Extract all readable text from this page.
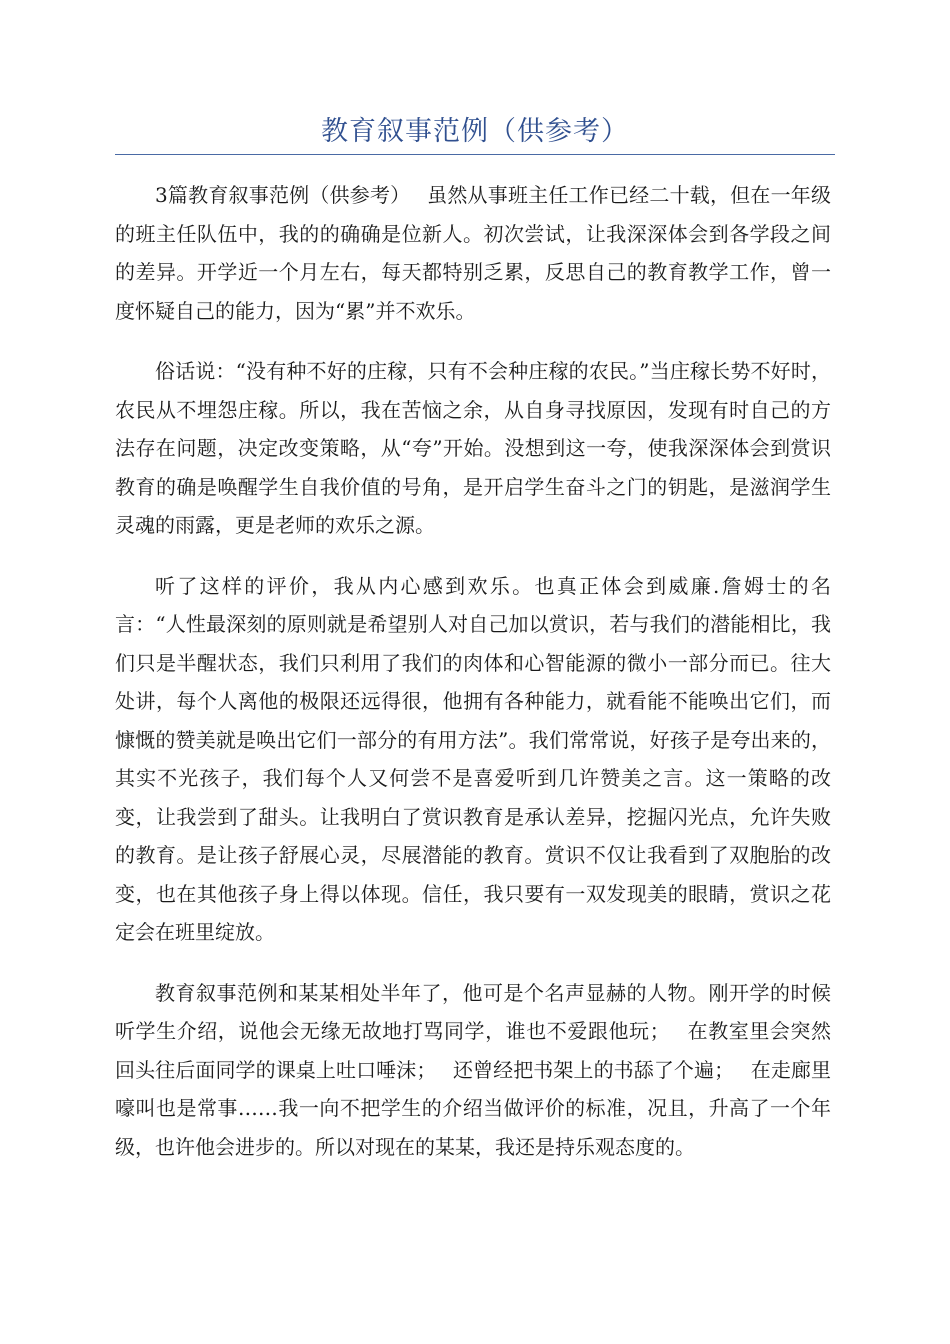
教育叙事范例（供参考）

3篇教育叙事范例（供参考）　 虽然从事班主任工作已经二十载，但在一年级的班主任队伍中，我的的确确是位新人。初次尝试，让我深深体会到各学段之间的差异。开学近一个月左右，每天都特别乏累，反思自己的教育教学工作，曾一度怀疑自己的能力，因为“累”并不欢乐。

俗话说：“没有种不好的庄稼，只有不会种庄稼的农民。”当庄稼长势不好时，农民从不埋怨庄稼。所以，我在苦恼之余，从自身寻找原因，发现有时自己的方法存在问题，决定改变策略，从“夸”开始。没想到这一夸，使我深深体会到赏识教育的确是唤醒学生自我价值的号角，是开启学生奋斗之门的钥匙，是滋润学生灵魂的雨露，更是老师的欢乐之源。

听了这样的评价，我从内心感到欢乐。也真正体会到威廉.詹姆士的名言：“人性最深刻的原则就是希望别人对自己加以赏识，若与我们的潜能相比，我们只是半醒状态，我们只利用了我们的肉体和心智能源的微小一部分而已。往大处讲，每个人离他的极限还远得很，他拥有各种能力，就看能不能唤出它们，而慷慨的赞美就是唤出它们一部分的有用方法”。我们常常说，好孩子是夸出来的，其实不光孩子，我们每个人又何尝不是喜爱听到几许赞美之言。这一策略的改变，让我尝到了甜头。让我明白了赏识教育是承认差异，挖掘闪光点，允许失败的教育。是让孩子舒展心灵，尽展潜能的教育。赏识不仅让我看到了双胞胎的改变，也在其他孩子身上得以体现。信任，我只要有一双发现美的眼睛，赏识之花定会在班里绽放。

教育叙事范例和某某相处半年了，他可是个名声显赫的人物。刚开学的时候听学生介绍，说他会无缘无故地打骂同学，谁也不爱跟他玩；　 在教室里会突然回头往后面同学的课桌上吐口唾沫；　 还曾经把书架上的书舔了个遍；　 在走廊里嚎叫也是常事……我一向不把学生的介绍当做评价的标准，况且，升高了一个年级，也许他会进步的。所以对现在的某某，我还是持乐观态度的。
